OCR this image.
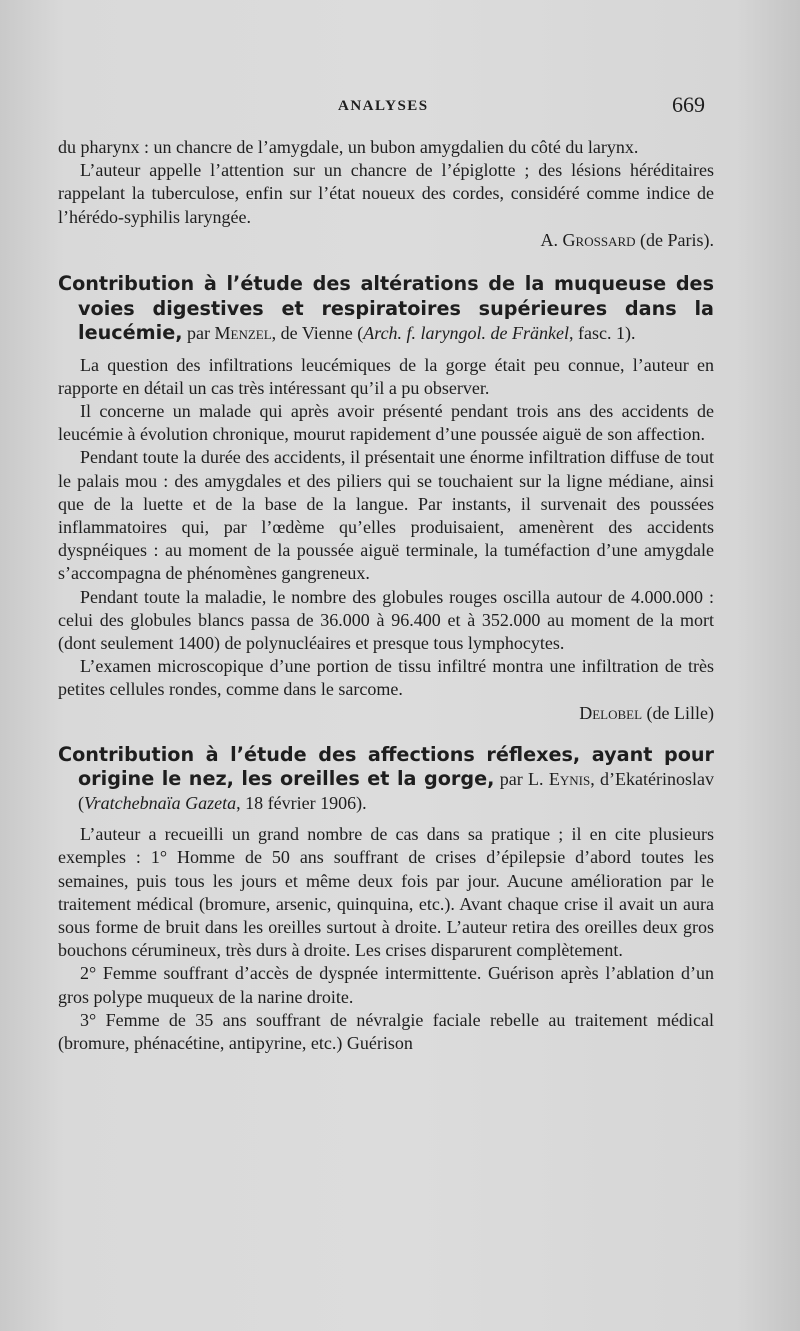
ANALYSES	669

du pharynx : un chancre de l’amygdale, un bubon amygdalien du côté du larynx.

L’auteur appelle l’attention sur un chancre de l’épiglotte ; des lésions héréditaires rappelant la tuberculose, enfin sur l’état noueux des cordes, considéré comme indice de l’hérédo-syphilis laryngée.

A. Grossard (de Paris).

Contribution à l’étude des altérations de la muqueuse des voies digestives et respiratoires supérieures dans la leucémie, par Menzel, de Vienne (Arch. f. laryngol. de Fränkel, fasc. 1).

La question des infiltrations leucémiques de la gorge était peu connue, l’auteur en rapporte en détail un cas très intéressant qu’il a pu observer.

Il concerne un malade qui après avoir présenté pendant trois ans des accidents de leucémie à évolution chronique, mourut rapidement d’une poussée aiguë de son affection.

Pendant toute la durée des accidents, il présentait une énorme infiltration diffuse de tout le palais mou : des amygdales et des piliers qui se touchaient sur la ligne médiane, ainsi que de la luette et de la base de la langue. Par instants, il survenait des poussées inflammatoires qui, par l’œdème qu’elles produisaient, amenèrent des accidents dyspnéiques : au moment de la poussée aiguë terminale, la tuméfaction d’une amygdale s’accompagna de phénomènes gangreneux.

Pendant toute la maladie, le nombre des globules rouges oscilla autour de 4.000.000 : celui des globules blancs passa de 36.000 à 96.400 et à 352.000 au moment de la mort (dont seulement 1400) de polynucléaires et presque tous lymphocytes.

L’examen microscopique d’une portion de tissu infiltré montra une infiltration de très petites cellules rondes, comme dans le sarcome.

Delobel (de Lille)

Contribution à l’étude des affections réflexes, ayant pour origine le nez, les oreilles et la gorge, par L. Eynis, d’Ekatérinoslav (Vratchebnaïa Gazeta, 18 février 1906).

L’auteur a recueilli un grand nombre de cas dans sa pratique ; il en cite plusieurs exemples : 1° Homme de 50 ans souffrant de crises d’épilepsie d’abord toutes les semaines, puis tous les jours et même deux fois par jour. Aucune amélioration par le traitement médical (bromure, arsenic, quinquina, etc.). Avant chaque crise il avait un aura sous forme de bruit dans les oreilles surtout à droite. L’auteur retira des oreilles deux gros bouchons cérumineux, très durs à droite. Les crises disparurent complètement.

2° Femme souffrant d’accès de dyspnée intermittente. Guérison après l’ablation d’un gros polype muqueux de la narine droite.

3° Femme de 35 ans souffrant de névralgie faciale rebelle au traitement médical (bromure, phénacétine, antipyrine, etc.) Guérison
